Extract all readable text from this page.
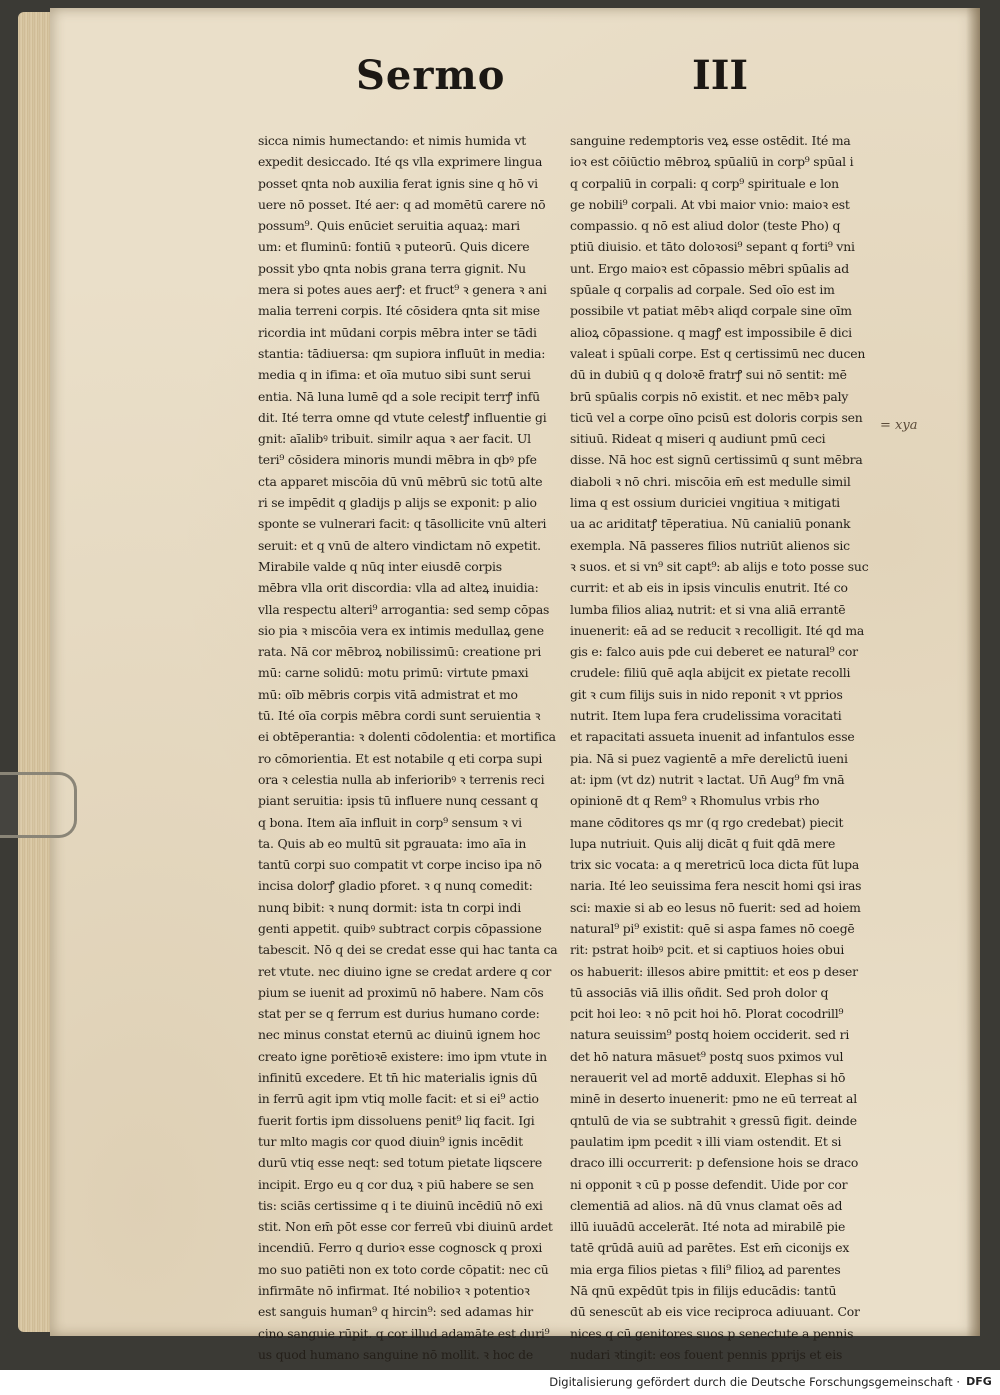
Sermo	III
sicca nimis humectando: et nimis humida vt
expedit desiccado. Ité qs vlla exprimere lingua
posset qnta nob auxilia ferat ignis sine q hō vi
uere nō posset. Ité aer: q ad momētū carere nō
possum⁹. Quis enūciet seruitia aquaꝝ: mari
um: et fluminū: fontiū ꝛ puteorū. Quis dicere
possit ybo qnta nobis grana terra gignit. Nu
mera si potes aues aerꝭ: et fruct⁹ ꝛ genera ꝛ ani
malia terreni corpis. Ité cōsidera qnta sit mise
ricordia int mūdani corpis mēbra inter se tādi
stantia: tādiuersa: qm supiora influūt in media:
media q in ifima: et oīa mutuo sibi sunt serui
entia. Nā luna lumē qd a sole recipit terrꝭ infū
dit. Ité terra omne qd vtute celestꝭ influentie gi
gnit: aīalibꝰ tribuit. similr aqua ꝛ aer facit. Ul
teri⁹ cōsidera minoris mundi mēbra in qbꝰ pfe
cta apparet miscōia dū vnū mēbrū sic totū alte
ri se impēdit q gladijs p alijs se exponit: p alio
sponte se vulnerari facit: q tāsollicite vnū alteri
seruit: et q vnū de altero vindictam nō expetit.
Mirabile valde q nūq inter eiusdē corpis
mēbra vlla orit discordia: vlla ad alteꝝ inuidia:
vlla respectu alteri⁹ arrogantia: sed semp cōpas
sio pia ꝛ miscōia vera ex intimis medullaꝝ gene
rata. Nā cor mēbroꝝ nobilissimū: creatione pri
mū: carne solidū: motu primū: virtute pmaxi
mū: oīb mēbris corpis vitā admistrat et mo
tū. Ité oīa corpis mēbra cordi sunt seruientia ꝛ
ei obtēperantia: ꝛ dolenti cōdolentia: et mortifica
ro cōmorientia. Et est notabile q eti corpa supi
ora ꝛ celestia nulla ab inferioribꝰ ꝛ terrenis reci
piant seruitia: ipsis tū influere nunq cessant q
q bona. Item aīa influit in corp⁹ sensum ꝛ vi
ta. Quis ab eo multū sit pgrauata: imo aīa in
tantū corpi suo compatit vt corpe inciso ipa nō
incisa dolorꝭ gladio pforet. ꝛ q nunq comedit:
nunq bibit: ꝛ nunq dormit: ista tn corpi indi
genti appetit. quibꝰ subtract corpis cōpassione
tabescit. Nō q dei se credat esse qui hac tanta ca
ret vtute. nec diuino igne se credat ardere q cor
pium se iuenit ad proximū nō habere. Nam cōs
stat per se q ferrum est durius humano corde:
nec minus constat eternū ac diuinū ignem hoc
creato igne porētioꝛē existere: imo ipm vtute in
infinitū excedere. Et tn̄ hic materialis ignis dū
in ferrū agit ipm vtiq molle facit: et si ei⁹ actio
fuerit fortis ipm dissoluens penit⁹ liq facit. Igi
tur mlto magis cor quod diuin⁹ ignis incēdit
durū vtiq esse neqt: sed totum pietate liqscere
incipit. Ergo eu q cor duꝝ ꝛ piū habere se sen
tis: sciās certissime q i te diuinū incēdiū nō exi
stit. Non em̄ pōt esse cor ferreū vbi diuinū ardet
incendiū. Ferro q durioꝛ esse cognosck q proxi
mo suo patiēti non ex toto corde cōpatit: nec cū
infirmāte nō infirmat. Ité nobilioꝛ ꝛ potentioꝛ
est sanguis human⁹ q hircin⁹: sed adamas hir
cino sanguie rūpit. q cor illud adamāte est duri⁹
us quod humano sanguine nō mollit. ꝛ hoc de
sanguine redemptoris veꝝ esse ostēdit. Ité ma
ioꝛ est cōiūctio mēbroꝝ spūaliū in corp⁹ spūal i
q corpaliū in corpali: q corp⁹ spirituale e lon
ge nobili⁹ corpali. At vbi maior vnio: maioꝛ est
compassio. q nō est aliud dolor (teste Pho) q
ptiū diuisio. et tāto doloꝛosi⁹ sepant q forti⁹ vni
unt. Ergo maioꝛ est cōpassio mēbri spūalis ad
spūale q corpalis ad corpale. Sed oīo est im
possibile vt patiat mēbꝛ aliqd corpale sine oīm
alioꝝ cōpassione. q magꝭ est impossibile ē dici
valeat i spūali corpe. Est q certissimū nec ducen
dū in dubiū q q doloꝛē fratrꝭ sui nō sentit: mē
brū spūalis corpis nō existit. et nec mēbꝛ paly
ticū vel a corpe oīno pcisū est doloris corpis sen
sitiuū. Rideat q miseri q audiunt pmū ceci
disse. Nā hoc est signū certissimū q sunt mēbra
diaboli ꝛ nō chri. miscōia em̄ est medulle simil
lima q est ossium duriciei vngitiua ꝛ mitigati
ua ac ariditatꝭ tēperatiua. Nū canialiū ponank
exempla. Nā passeres filios nutriūt alienos sic
ꝛ suos. et si vn⁹ sit capt⁹: ab alijs e toto posse suc
currit: et ab eis in ipsis vinculis enutrit. Ité co
lumba filios aliaꝝ nutrit: et si vna aliā errantē
inuenerit: eā ad se reducit ꝛ recolligit. Ité qd ma
gis e: falco auis pde cui deberet ee natural⁹ cor
crudele: filiū quē aqla abijcit ex pietate recolli
git ꝛ cum filijs suis in nido reponit ꝛ vt pprios
nutrit. Item lupa fera crudelissima voracitati
et rapacitati assueta inuenit ad infantulos esse
pia. Nā si puez vagientē a mr̄e derelictū iueni
at: ipm (vt dz) nutrit ꝛ lactat. Un̄ Aug⁹ fm vnā
opinionē dt q Rem⁹ ꝛ Rhomulus vrbis rho
mane cōditores qs mr (q rgo credebat) piecit
lupa nutriuit. Quis alij dicāt q fuit qdā mere
trix sic vocata: a q meretricū loca dicta fūt lupa
naria. Ité leo seuissima fera nescit homi qsi iras
sci: maxie si ab eo lesus nō fuerit: sed ad hoiem
natural⁹ pi⁹ existit: quē si aspa fames nō coegē
rit: pstrat hoibꝰ pcit. et si captiuos hoies obui
os habuerit: illesos abire pmittit: et eos p deser
tū associās viā illis oñdit. Sed proh dolor q
pcit hoi leo: ꝛ nō pcit hoi hō. Plorat cocodrill⁹
natura seuissim⁹ postq hoiem occiderit. sed ri
det hō natura māsuet⁹ postq suos pximos vul
nerauerit vel ad mortē adduxit. Elephas si hō
minē in deserto inuenerit: pmo ne eū terreat al
qntulū de via se subtrahit ꝛ gressū figit. deinde
paulatim ipm pcedit ꝛ illi viam ostendit. Et si
draco illi occurrerit: p defensione hois se draco
ni opponit ꝛ cū p posse defendit. Uide por cor
clementiā ad alios. nā dū vnus clamat oēs ad
illū iuuādū accelerāt. Ité nota ad mirabilē pie
tatē qrūdā auiū ad parētes. Est em̄ ciconijs ex
mia erga filios pietas ꝛ fili⁹ filioꝝ ad parentes
Nā qnū expēdūt tpis in filijs educādis: tantū
dū senescūt ab eis vice reciproca adiuuant. Cor
nices q cū genitores suos p senectute a pennis
nudari ꝛtingit: eos fouent pennis pprijs et eis
= xya
Digitalisierung gefördert durch die Deutsche Forschungsgemeinschaft · DFG
